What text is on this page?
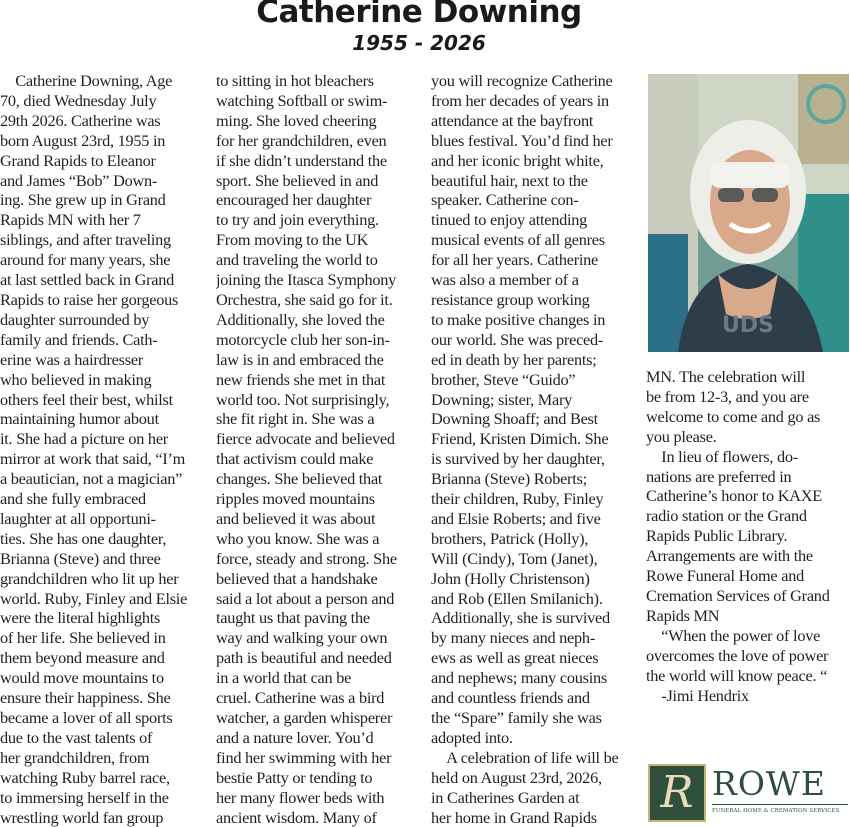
Catherine Downing
1955 - 2026
Catherine Downing, Age
70, died Wednesday July
29th 2026. Catherine was
born August 23rd, 1955 in
Grand Rapids to Eleanor
and James “Bob” Down-
ing. She grew up in Grand
Rapids MN with her 7
siblings, and after traveling
around for many years, she
at last settled back in Grand
Rapids to raise her gorgeous
daughter surrounded by
family and friends. Cath-
erine was a hairdresser
who believed in making
others feel their best, whilst
maintaining humor about
it. She had a picture on her
mirror at work that said, “I’m
a beautician, not a magician”
and she fully embraced
laughter at all opportuni-
ties. She has one daughter,
Brianna (Steve) and three
grandchildren who lit up her
world. Ruby, Finley and Elsie
were the literal highlights
of her life. She believed in
them beyond measure and
would move mountains to
ensure their happiness. She
became a lover of all sports
due to the vast talents of
her grandchildren, from
watching Ruby barrel race,
to immersing herself in the
wrestling world fan group
to sitting in hot bleachers
watching Softball or swim-
ming. She loved cheering
for her grandchildren, even
if she didn’t understand the
sport. She believed in and
encouraged her daughter
to try and join everything.
From moving to the UK
and traveling the world to
joining the Itasca Symphony
Orchestra, she said go for it.
Additionally, she loved the
motorcycle club her son-in-
law is in and embraced the
new friends she met in that
world too. Not surprisingly,
she fit right in. She was a
fierce advocate and believed
that activism could make
changes. She believed that
ripples moved mountains
and believed it was about
who you know. She was a
force, steady and strong. She
believed that a handshake
said a lot about a person and
taught us that paving the
way and walking your own
path is beautiful and needed
in a world that can be
cruel. Catherine was a bird
watcher, a garden whisperer
and a nature lover. You’d
find her swimming with her
bestie Patty or tending to
her many flower beds with
ancient wisdom. Many of
you will recognize Catherine
from her decades of years in
attendance at the bayfront
blues festival. You’d find her
and her iconic bright white,
beautiful hair, next to the
speaker. Catherine con-
tinued to enjoy attending
musical events of all genres
for all her years. Catherine
was also a member of a
resistance group working
to make positive changes in
our world. She was preced-
ed in death by her parents;
brother, Steve “Guido”
Downing; sister, Mary
Downing Shoaff; and Best
Friend, Kristen Dimich. She
is survived by her daughter,
Brianna (Steve) Roberts;
their children, Ruby, Finley
and Elsie Roberts; and five
brothers, Patrick (Holly),
Will (Cindy), Tom (Janet),
John (Holly Christenson)
and Rob (Ellen Smilanich).
Additionally, she is survived
by many nieces and neph-
ews as well as great nieces
and nephews; many cousins
and countless friends and
the “Spare” family she was
adopted into.
A celebration of life will be
held on August 23rd, 2026,
in Catherines Garden at
her home in Grand Rapids
MN. The celebration will
be from 12-3, and you are
welcome to come and go as
you please.
In lieu of flowers, do-
nations are preferred in
Catherine’s honor to KAXE
radio station or the Grand
Rapids Public Library.
Arrangements are with the
Rowe Funeral Home and
Cremation Services of Grand
Rapids MN
“When the power of love
overcomes the love of power
the world will know peace. “
-Jimi Hendrix
UDS
R ROWE
FUNERAL HOME & CREMATION SERVICES
